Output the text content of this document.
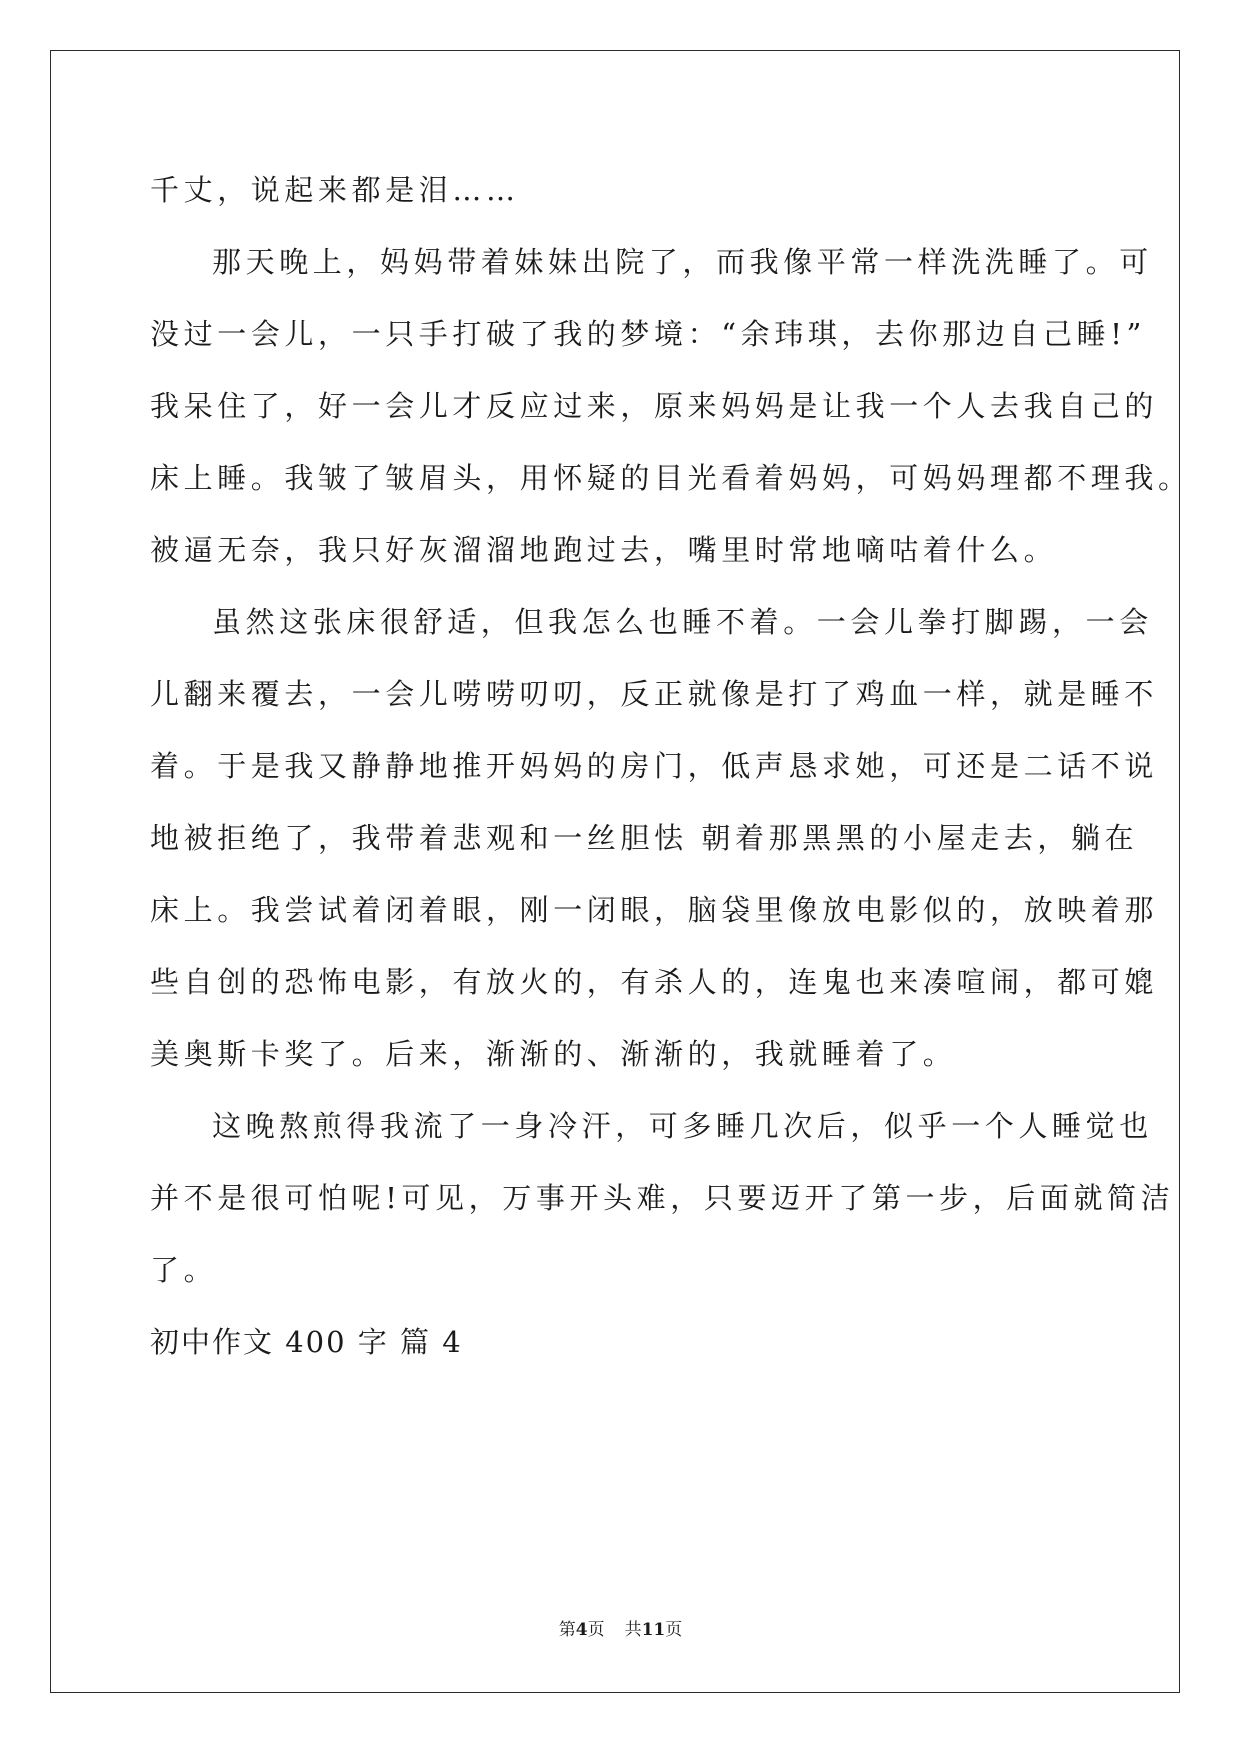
千丈，说起来都是泪……
那天晚上，妈妈带着妹妹出院了，而我像平常一样洗洗睡了。可
没过一会儿，一只手打破了我的梦境：“余玮琪，去你那边自己睡!”
我呆住了，好一会儿才反应过来，原来妈妈是让我一个人去我自己的
床上睡。我皱了皱眉头，用怀疑的目光看着妈妈，可妈妈理都不理我。
被逼无奈，我只好灰溜溜地跑过去，嘴里时常地嘀咕着什么。
虽然这张床很舒适，但我怎么也睡不着。一会儿拳打脚踢，一会
儿翻来覆去，一会儿唠唠叨叨，反正就像是打了鸡血一样，就是睡不
着。于是我又静静地推开妈妈的房门，低声恳求她，可还是二话不说
地被拒绝了，我带着悲观和一丝胆怯 朝着那黑黑的小屋走去，躺在
床上。我尝试着闭着眼，刚一闭眼，脑袋里像放电影似的，放映着那
些自创的恐怖电影，有放火的，有杀人的，连鬼也来凑喧闹，都可媲
美奥斯卡奖了。后来，渐渐的、渐渐的，我就睡着了。
这晚熬煎得我流了一身冷汗，可多睡几次后，似乎一个人睡觉也
并不是很可怕呢!可见，万事开头难，只要迈开了第一步，后面就简洁
了。
初中作文 400 字 篇 4
第4页 共11页
